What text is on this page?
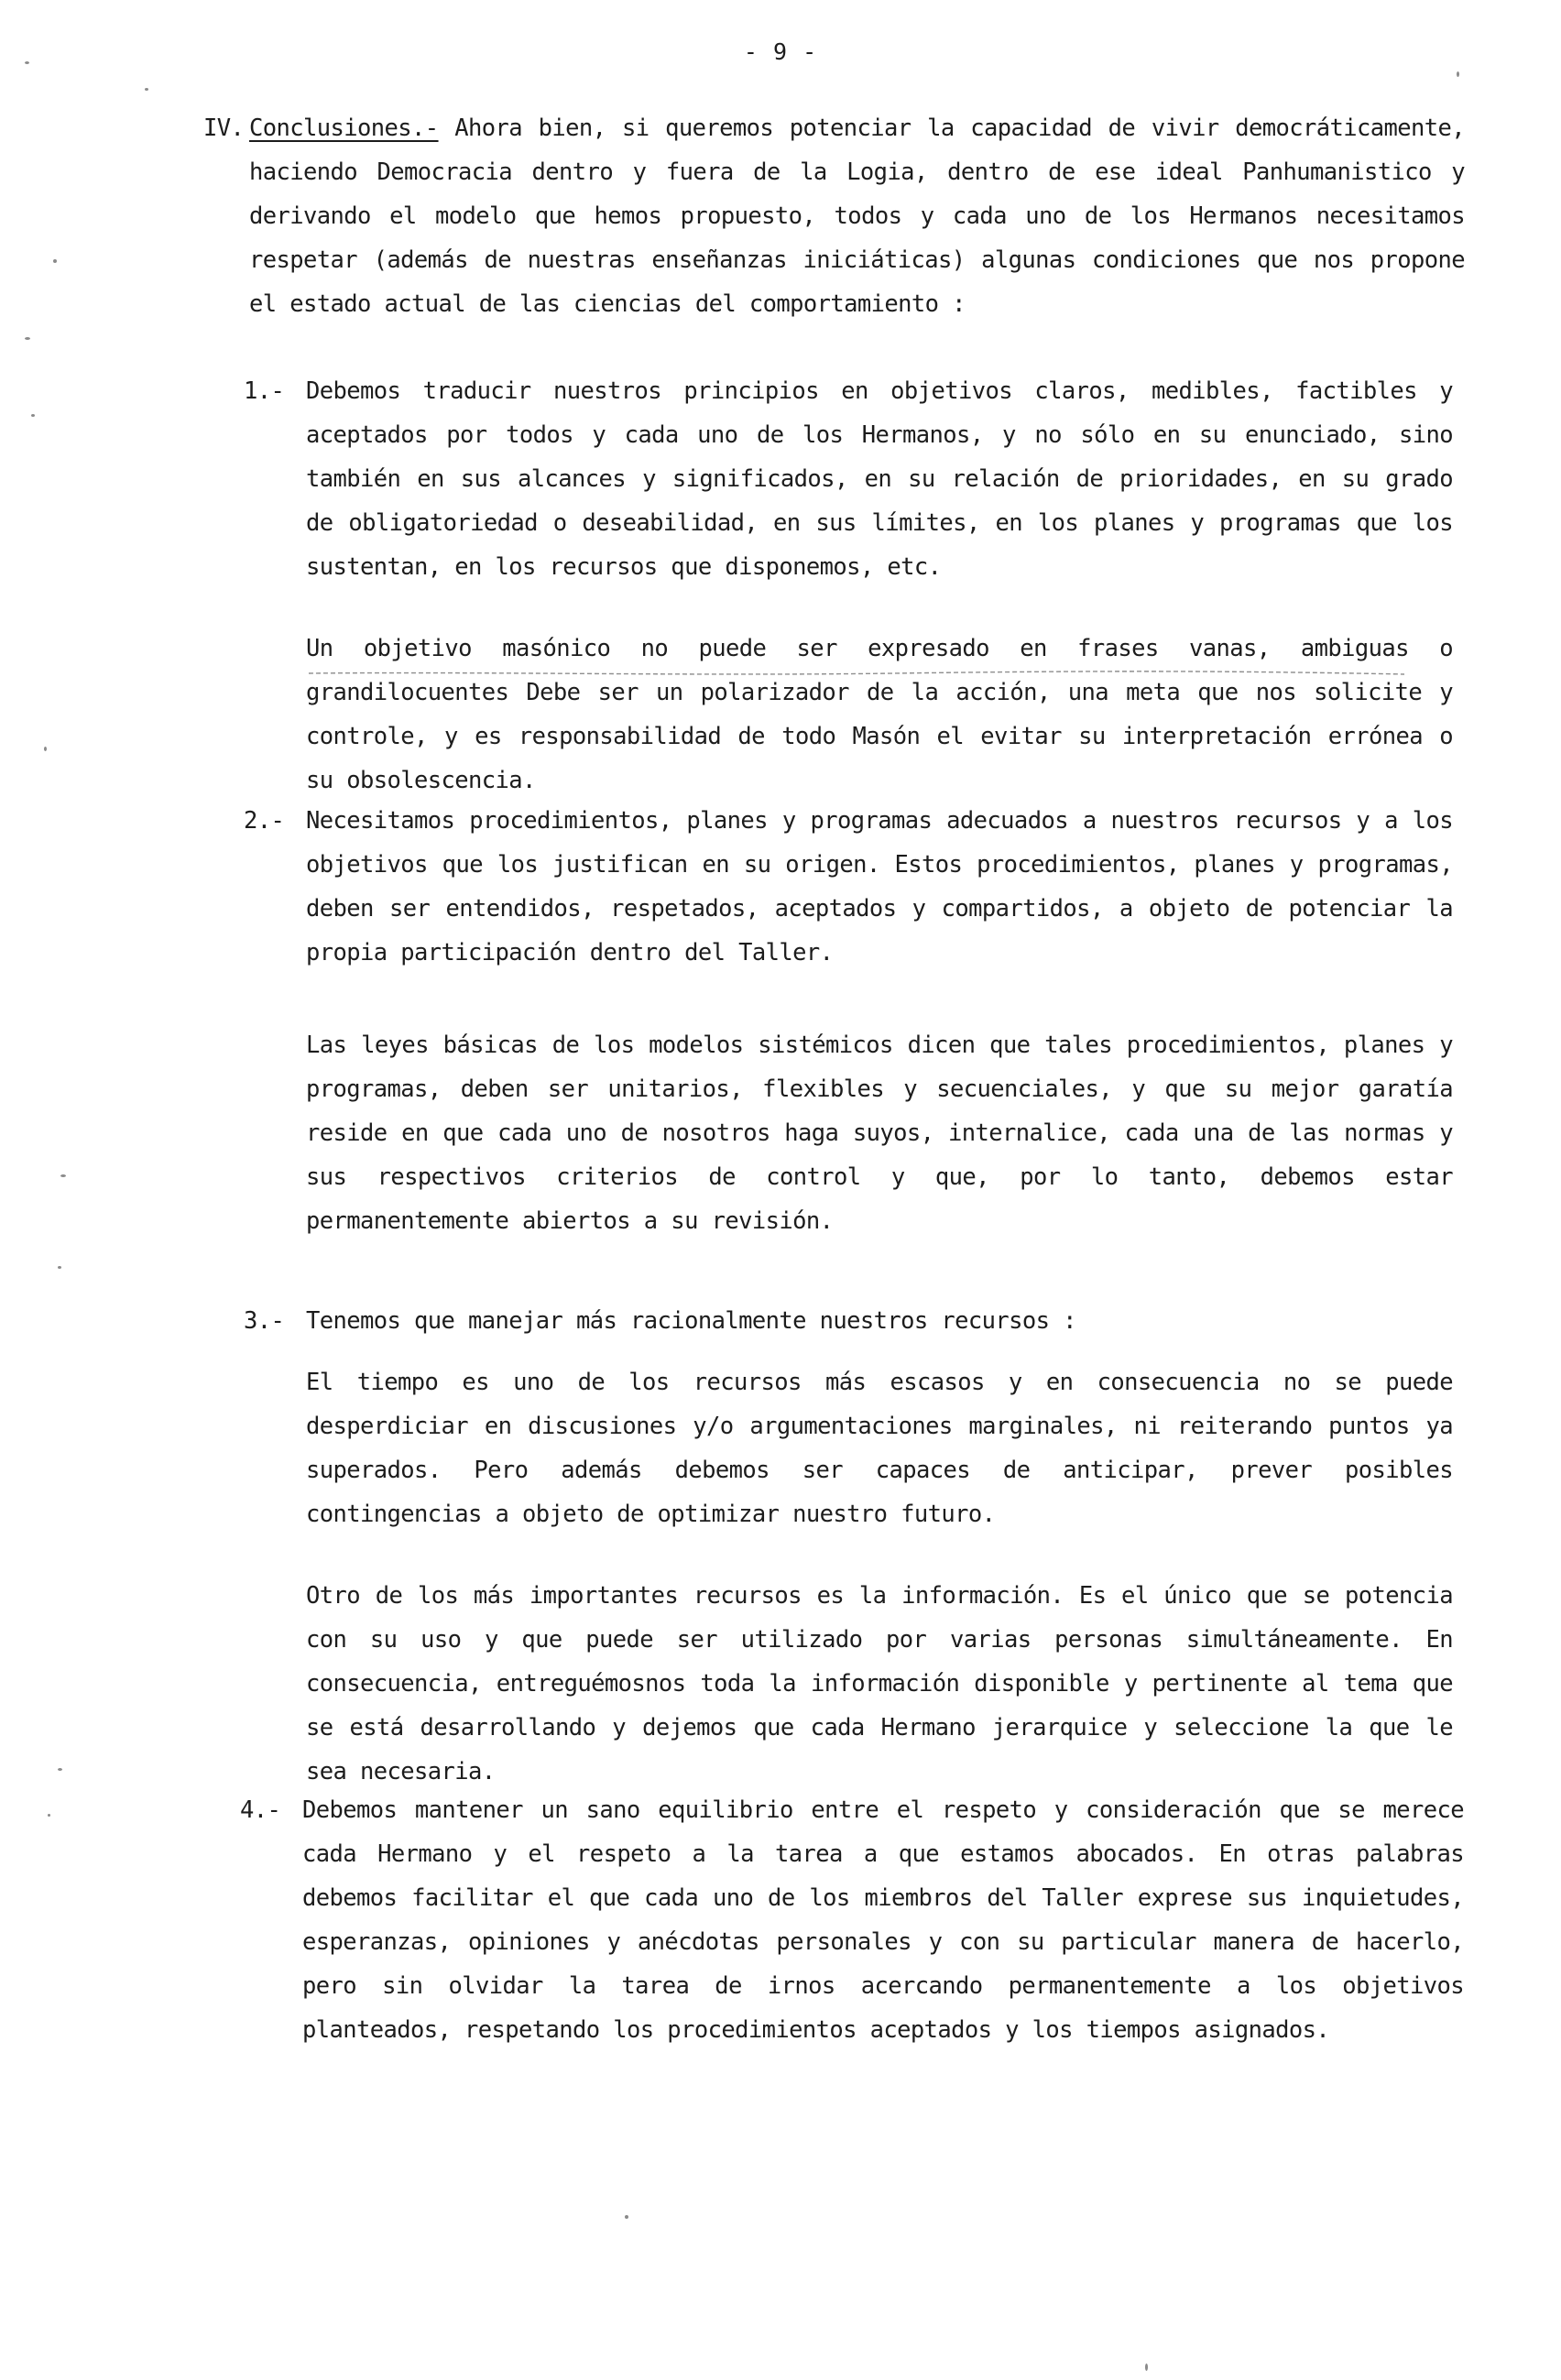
- 9 -
IV. Conclusiones.- Ahora bien, si queremos potenciar la capacidad de vivir democráticamente, haciendo Democracia dentro y fuera de la Logia, dentro de ese ideal Panhumanistico y derivando el modelo que hemos propuesto, todos y cada uno de los Hermanos necesitamos respetar (además de nuestras enseñanzas iniciáticas) algunas condiciones que nos propone el estado actual de las ciencias del comportamiento :

1.- Debemos traducir nuestros principios en objetivos claros, medibles, factibles y aceptados por todos y cada uno de los Hermanos, y no sólo en su enunciado, sino también en sus alcances y significados, en su relación de prioridades, en su grado de obligatoriedad o deseabilidad, en sus límites, en los planes y programas que los sustentan, en los recursos que disponemos, etc.

Un objetivo masónico no puede ser expresado en frases vanas, ambiguas o grandilocuentes Debe ser un polarizador de la acción, una meta que nos solicite y controle, y es responsabilidad de todo Masón el evitar su interpretación errónea o su obsolescencia.

2.- Necesitamos procedimientos, planes y programas adecuados a nuestros recursos y a los objetivos que los justifican en su origen. Estos procedimientos, planes y programas, deben ser entendidos, respetados, aceptados y compartidos, a objeto de potenciar la propia participación dentro del Taller.

Las leyes básicas de los modelos sistémicos dicen que tales procedimientos, planes y programas, deben ser unitarios, flexibles y secuenciales, y que su mejor garatía reside en que cada uno de nosotros haga suyos, internalice, cada una de las normas y sus respectivos criterios de control y que, por lo tanto, debemos estar permanentemente abiertos a su revisión.

3.- Tenemos que manejar más racionalmente nuestros recursos :

El tiempo es uno de los recursos más escasos y en consecuencia no se puede desperdiciar en discusiones y/o argumentaciones marginales, ni reiterando puntos ya superados. Pero además debemos ser capaces de anticipar, prever posibles contingencias a objeto de optimizar nuestro futuro.

Otro de los más importantes recursos es la información. Es el único que se potencia con su uso y que puede ser utilizado por varias personas simultáneamente. En consecuencia, entreguémosnos toda la información disponible y pertinente al tema que se está desarrollando y dejemos que cada Hermano jerarquice y seleccione la que le sea necesaria.

4.- Debemos mantener un sano equilibrio entre el respeto y consideración que se merece cada Hermano y el respeto a la tarea a que estamos abocados. En otras palabras debemos facilitar el que cada uno de los miembros del Taller exprese sus inquietudes, esperanzas, opiniones y anécdotas personales y con su particular manera de hacerlo, pero sin olvidar la tarea de irnos acercando permanentemente a los objetivos planteados, respetando los procedimientos aceptados y los tiempos asignados.
